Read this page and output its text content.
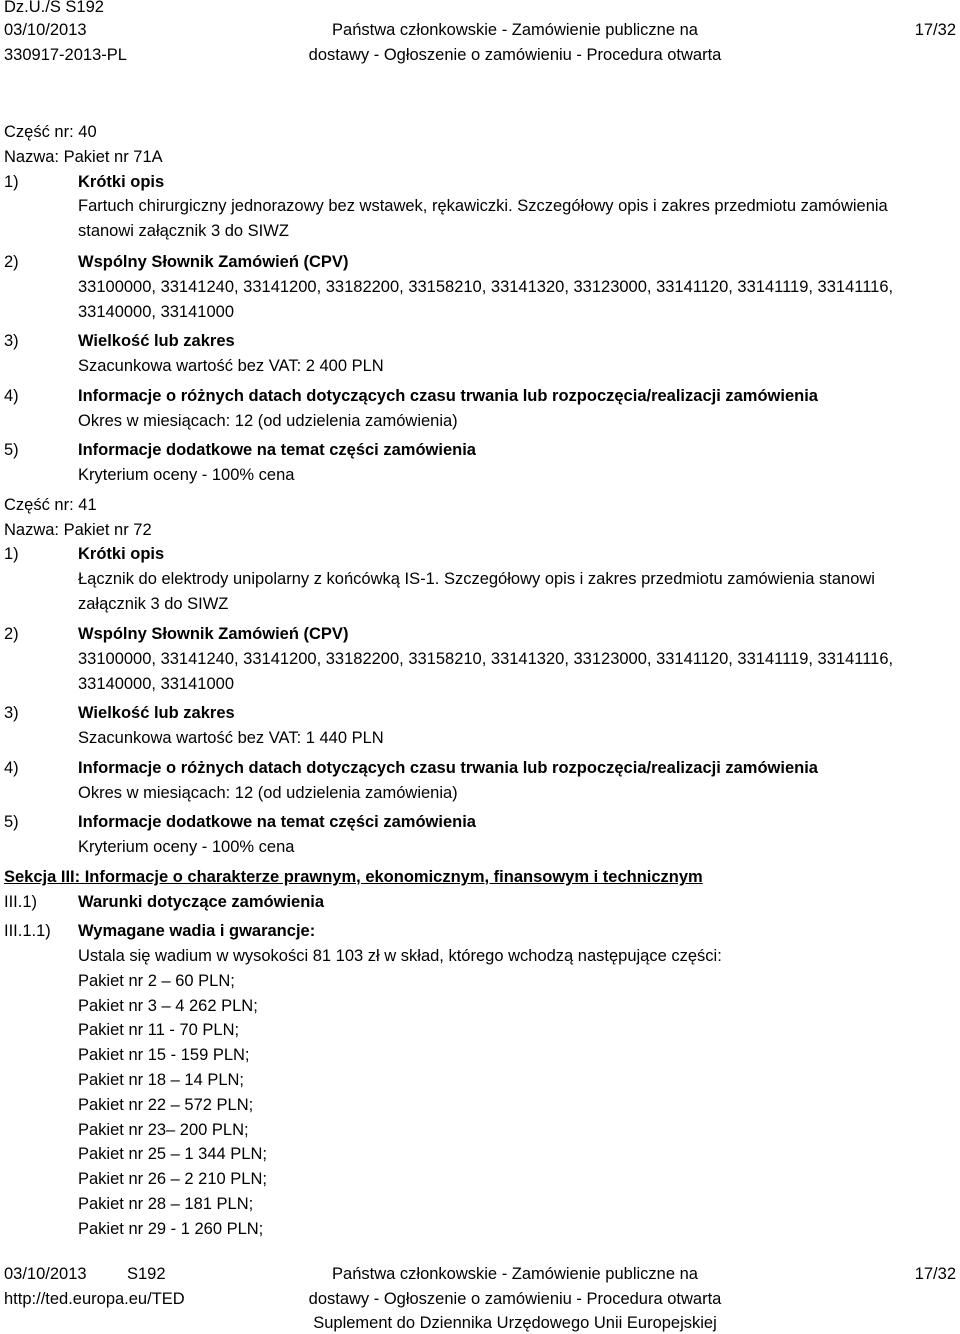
Dz.U./S S192
03/10/2013
330917-2013-PL
Państwa członkowskie - Zamówienie publiczne na
dostawy - Ogłoszenie o zamówieniu - Procedura otwarta
17/32
Część nr: 40
Nazwa: Pakiet nr 71A
1)	Krótki opis
Fartuch chirurgiczny jednorazowy bez wstawek, rękawiczki. Szczegółowy opis i zakres przedmiotu zamówienia
stanowi załącznik 3 do SIWZ
2)	Wspólny Słownik Zamówień (CPV)
33100000, 33141240, 33141200, 33182200, 33158210, 33141320, 33123000, 33141120, 33141119, 33141116,
33140000, 33141000
3)	Wielkość lub zakres
Szacunkowa wartość bez VAT: 2 400 PLN
4)	Informacje o różnych datach dotyczących czasu trwania lub rozpoczęcia/realizacji zamówienia
Okres w miesiącach: 12 (od udzielenia zamówienia)
5)	Informacje dodatkowe na temat części zamówienia
Kryterium oceny - 100% cena
Część nr: 41
Nazwa: Pakiet nr 72
1)	Krótki opis
Łącznik do elektrody unipolarny z końcówką IS-1. Szczegółowy opis i zakres przedmiotu zamówienia stanowi
załącznik 3 do SIWZ
2)	Wspólny Słownik Zamówień (CPV)
33100000, 33141240, 33141200, 33182200, 33158210, 33141320, 33123000, 33141120, 33141119, 33141116,
33140000, 33141000
3)	Wielkość lub zakres
Szacunkowa wartość bez VAT: 1 440 PLN
4)	Informacje o różnych datach dotyczących czasu trwania lub rozpoczęcia/realizacji zamówienia
Okres w miesiącach: 12 (od udzielenia zamówienia)
5)	Informacje dodatkowe na temat części zamówienia
Kryterium oceny - 100% cena
Sekcja III: Informacje o charakterze prawnym, ekonomicznym, finansowym i technicznym
III.1) Warunki dotyczące zamówienia
III.1.1) Wymagane wadia i gwarancje:
Ustala się wadium w wysokości 81 103 zł w skład, którego wchodzą następujące części:
Pakiet nr 2 – 60 PLN;
Pakiet nr 3 – 4 262 PLN;
Pakiet nr 11 - 70 PLN;
Pakiet nr 15 - 159 PLN;
Pakiet nr 18 – 14 PLN;
Pakiet nr 22 – 572 PLN;
Pakiet nr 23– 200 PLN;
Pakiet nr 25 – 1 344 PLN;
Pakiet nr 26 – 2 210 PLN;
Pakiet nr 28 – 181 PLN;
Pakiet nr 29 - 1 260 PLN;
03/10/2013 S192
http://ted.europa.eu/TED
Państwa członkowskie - Zamówienie publiczne na
dostawy - Ogłoszenie o zamówieniu - Procedura otwarta
Suplement do Dziennika Urzędowego Unii Europejskiej
17/32
